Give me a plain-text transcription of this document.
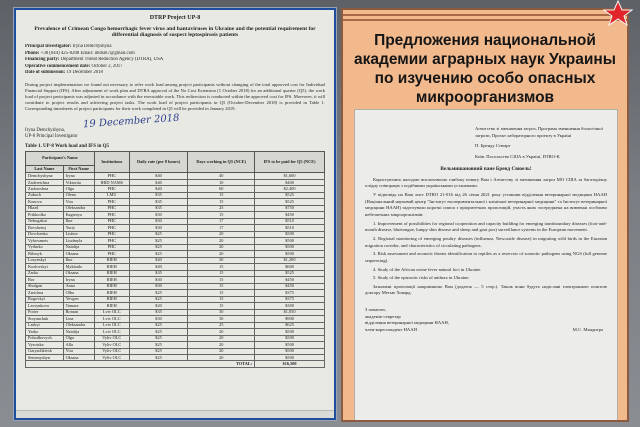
DTRP Project UP-8
Prevalence of Crimean Congo hemorrhagic fever virus and hantaviruses in Ukraine and the potential requirement for differential diagnosis of suspect leptospirosis patients
Principal Investigator: Iryna Demchyshyna
Phone: +38 (044) 425-0208 Email: imdsm7@gmail.com
Financing party: Department Threat Reduction Agency (DTRA), USA
Operative commencement date: October 2, 2017
Date of submission: 19 December 2018
During project implementation we found out necessary to refer work load among project participants without changing of the total approved cost for Individual Financial Support (IFS). After adjustment of work plan and DTRA approval of the No Cost Extension (1 October 2018) for an additional quarter (Q5), the work load of project participants was adjusted in accordance with the executable work. This redirection is conducted within the approved cost for IFS. Moreover, it will contribute to project results and achieving project tasks. The work load of project participants in Q5 (October-December 2018) is provided in Table 1. Corresponding timesheets of project participants for their work completed in Q5 will be provided in January 2019.
19 December 2018
Iryna Demchyshyna,
UP-8 Principal Investigator
Table 1. UP-8 Work load and IFS in Q5
Participant's Name		Institutions	Daily rate (per 8 hours)	Days working in Q5 (NCE)	IFS to be paid for Q5 (NCE)
Last Name	First Name				
Demchyshyna	Iryna	PHC	$40	40	$1,600
Zaderetchna	Viktoriia	IHID NAMS	$40	10	$400
Zadoroshna	Olga	PHC	$40	60	$2,400
Zubach	Olena	LMU	$35	15	$525
Konova	Vira	PHC	$35	15	$525
Hlazd	Oleksandra	PHC	$35	25	$750
Prikhodko	Eugeniya	PHC	$30	15	$450
Nebogakut	Ihor	PHC	$30	17	$510
Bovshensj	Yuriy	PHC	$30	17	$510
Dovchenko	Liubov	PHC	$25	20	$500
Vyhovanets	Liudmyla	PHC	$25	20	$500
Vydurko	Natalija	PHC	$25	20	$500
Bilonyk	Oksana	PHC	$25	20	$500
Lozynskyi	Ihor	RIEH	$40	30	$1,200
Kozlovskyi	Mykhailo	RIEH	$40	15	$600
Zarko	Oksana	RIEH	$35	15	$525
Bor	Iryna	RIEH	$30	15	$450
Shulgan	Anna	RIEH	$30	15	$450
Zarichna	Olha	RIEH	$25	15	$375
Rogovkyi	Yevgen	RIEH	$25	15	$375
Lavrynkova	Tamara	RIEH	$20	15	$300
Porter	Roman	Lviv OLC	$35	30	$1,050
Stoyanchuk	Lina	Lviv OLC	$30	30	$900
Lashyi	Oleksandra	Lviv OLC	$25	25	$625
Yarko	Natalija	Lviv OLC	$25	20	$500
Pohodkovych	Olga	Vyliv OLC	$25	20	$500
Vysotska	Alla	Vyliv OLC	$25	20	$500
Garyachkivsk	Vira	Vyliv OLC	$25	20	$500
Semenyshyn	Oksana	Vyliv OLC	$25	20	$500
TOTAL:					$16,500
Предложения национальной академии аграрных наук Украины по изучению особо опасных микроорганизмов

Агентство зі зменшення загроз, Програма зменшення біологічної загрози, Проєкт лабораторного проекту в Україні

П. Бренду Стюарт

Київ. Посольство США в Україні, DTRO-K

Вельмишановний пане Бренд Свюель!

Користуючись нагодою висловлюємо глибоку повагу Вам і Агентству зі зменшення загроз МО США за багаторічну плідну співпрацю з подібними українськими установами.

У відповідь на Ваш лист DTRO 21-016 від 26 січня 2021 року установи відділення ветеринарної медицини НААН (Національний науковий центр "Інститут експериментальної і клінічної ветеринарної медицини" та Інститут ветеринарної медицини НААН) підготували короткі описи з пріоритетних пропозицій, участь яких зосереджена на вивченні особливо небезпечних мікроорганізмів:

1. Improvement of possibilities for regional cooperation and capacity building for emerging transboundary diseases (foot-and-mouth disease, bluetongue, lumpy skin disease and sheep and goat pox) surveillance systems in the European movement.

2. Regional monitoring of emerging poultry diseases (influenza, Newcastle disease) in migrating wild birds in the Eurasian migration corridor, and characteristics of circulating pathogens.

3. Risk assessment and zoonotic threats identification to reptiles as a reservoir of zoonotic pathogens using NGS (full genome sequencing).

4. Study of the African swine fever natural foci in Ukraine.

5. Study of the epizootic risks of anthrax in Ukraine.

Зазначені пропозиції направляємо Вам (додаток — 5 стор.). Також вони будуть надіслані електронною поштою доктору Метью Ховард.

З повагою,
академік-секретар
відділення ветеринарної медицини НААН,
член-кореспондент НААН	М.С. Мандигра
